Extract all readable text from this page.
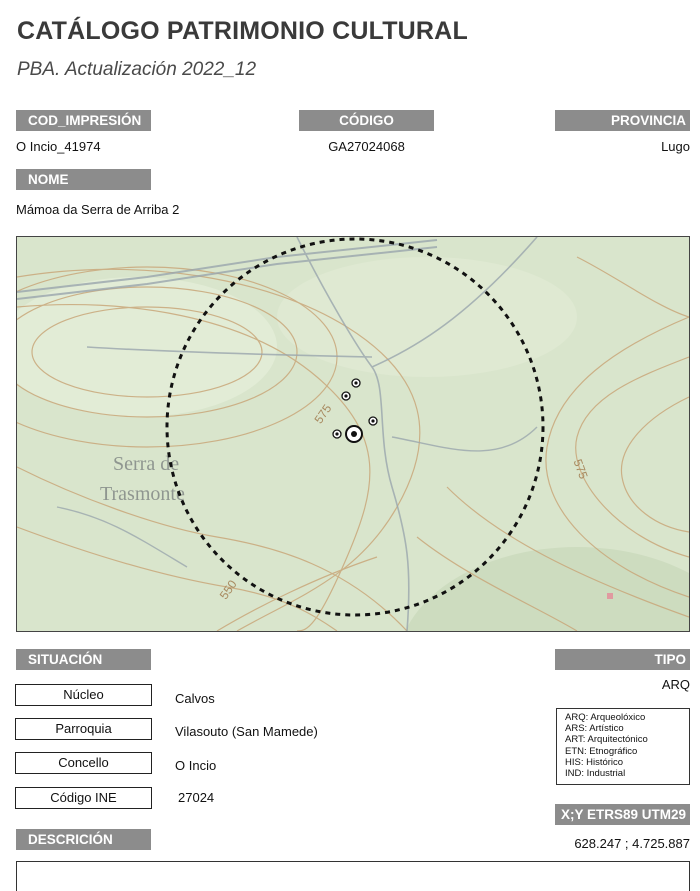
CATÁLOGO PATRIMONIO CULTURAL
PBA. Actualización 2022_12
COD_IMPRESIÓN
O Incio_41974
CÓDIGO
GA27024068
PROVINCIA
Lugo
NOME
Mámoa da Serra de Arriba 2
Serra de
Trasmonte
575
575
550
SITUACIÓN
Núcleo	Calvos
Parroquia	Vilasouto (San Mamede)
Concello	O Incio
Código INE	27024
TIPO
ARQ
ARQ: Arqueolóxico
ARS: Artístico
ART: Arquitectónico
ETN: Etnográfico
HIS: Histórico
IND: Industrial
X;Y ETRS89 UTM29
628.247 ; 4.725.887
DESCRICIÓN
